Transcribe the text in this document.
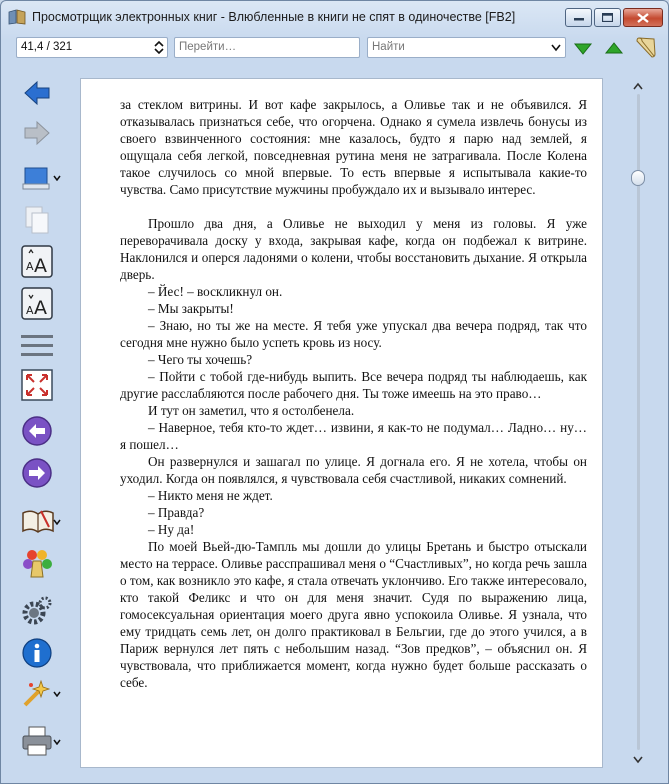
Просмотрщик электронных книг - Влюбленные в книги не спят в одиночестве [FB2]
41,4 / 321	Перейти…	Найти
A A
A A

за стеклом витрины. И вот кафе закрылось, а Оливье так и не объявился. Я отказывалась признаться себе, что огорчена. Однако я сумела извлечь бонусы из своего взвинченного состояния: мне казалось, будто я парю над землей, я ощущала себя легкой, повседневная рутина меня не затрагивала. После Колена такое случилось со мной впервые. То есть впервые я испытывала какие-то чувства. Само присутствие мужчины пробуждало их и вызывало интерес.

Прошло два дня, а Оливье не выходил у меня из головы. Я уже переворачивала доску у входа, закрывая кафе, когда он подбежал к витрине. Наклонился и оперся ладонями о колени, чтобы восстановить дыхание. Я открыла дверь.

– Йес! – воскликнул он.

– Мы закрыты!

– Знаю, но ты же на месте. Я тебя уже упускал два вечера подряд, так что сегодня мне нужно было успеть кровь из носу.

– Чего ты хочешь?

– Пойти с тобой где-нибудь выпить. Все вечера подряд ты наблюдаешь, как другие расслабляются после рабочего дня. Ты тоже имеешь на это право…

И тут он заметил, что я остолбенела.

– Наверное, тебя кто-то ждет… извини, я как-то не подумал… Ладно… ну… я пошел…

Он развернулся и зашагал по улице. Я догнала его. Я не хотела, чтобы он уходил. Когда он появлялся, я чувствовала себя счастливой, никаких сомнений.

– Никто меня не ждет.

– Правда?

– Ну да!

По моей Вьей-дю-Тампль мы дошли до улицы Бретань и быстро отыскали место на террасе. Оливье расспрашивал меня о “Счастливых”, но когда речь зашла о том, как возникло это кафе, я стала отвечать уклончиво. Его также интересовало, кто такой Феликс и что он для меня значит. Судя по выражению лица, гомосексуальная ориентация моего друга явно успокоила Оливье. Я узнала, что ему тридцать семь лет, он долго практиковал в Бельгии, где до этого учился, а в Париж вернулся лет пять с небольшим назад. “Зов предков”, – объяснил он. Я чувствовала, что приближается момент, когда нужно будет больше рассказать о себе.
